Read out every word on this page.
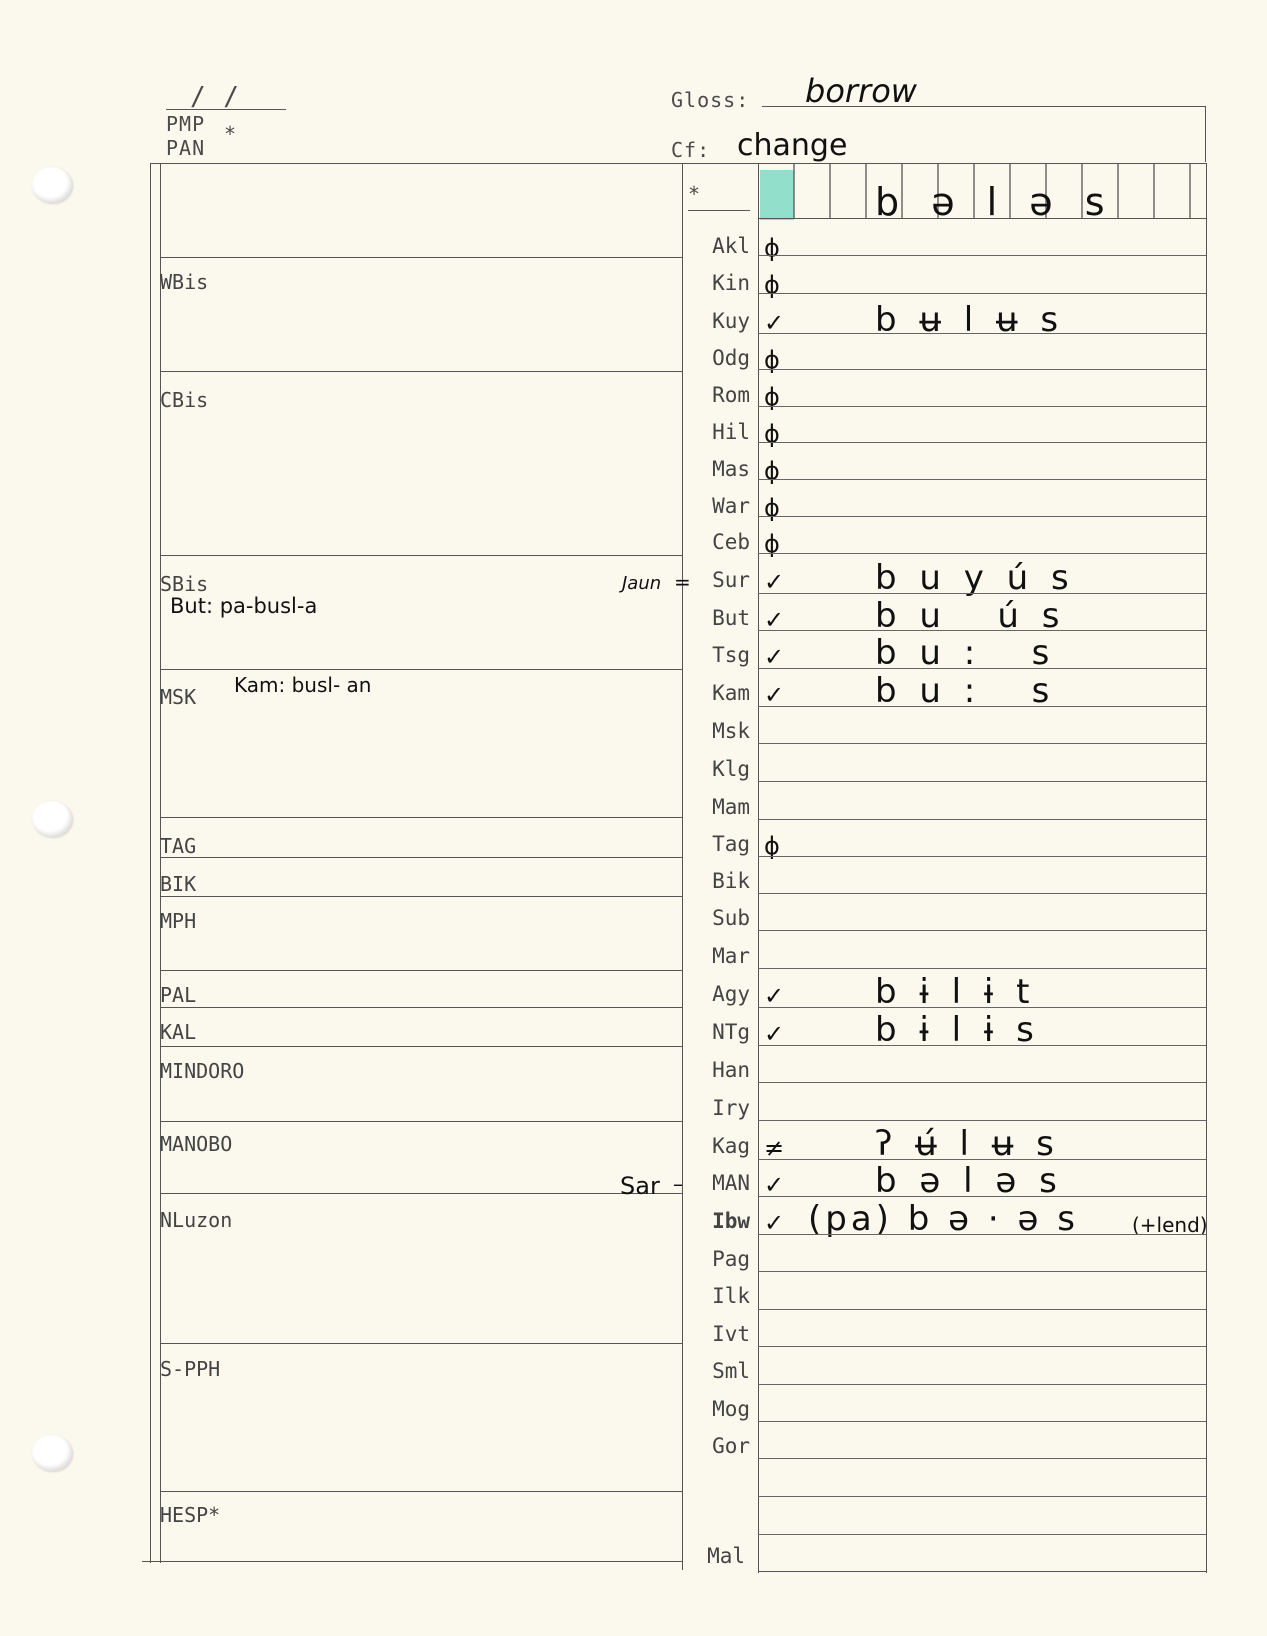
/ /
PMP *
PAN
Gloss: borrow
Cf: change
WBis
CBis
SBis
MSK
TAG
BIK
MPH
PAL
KAL
MINDORO
MANOBO
NLuzon
S-PPH
HESP*
But: pa-busl-a
Kam: busl- an
Jaun =
Sar –
*	b ə l ə s
Akl ϕ
Kin ϕ
Kuy ✓	b ʉ l ʉ s
Odg ϕ
Rom ϕ
Hil ϕ
Mas ϕ
War ϕ
Ceb ϕ
Sur ✓	b u y ú s
But ✓	b u   ú s
Tsg ✓	b u :   s
Kam ✓	b u :   s
Msk
Klg
Mam
Tag ϕ
Bik
Sub
Mar
Agy ✓	b ɨ l ɨ t
NTg ✓	b ɨ l ɨ s
Han
Iry
Kag ≠	ʔ ʉ́ l ʉ s
MAN ✓	b ə l ə s
Ibw ✓ (pa) b ə · ə s	(+lend)
Pag
Ilk
Ivt
Sml
Mog
Gor
Mal
